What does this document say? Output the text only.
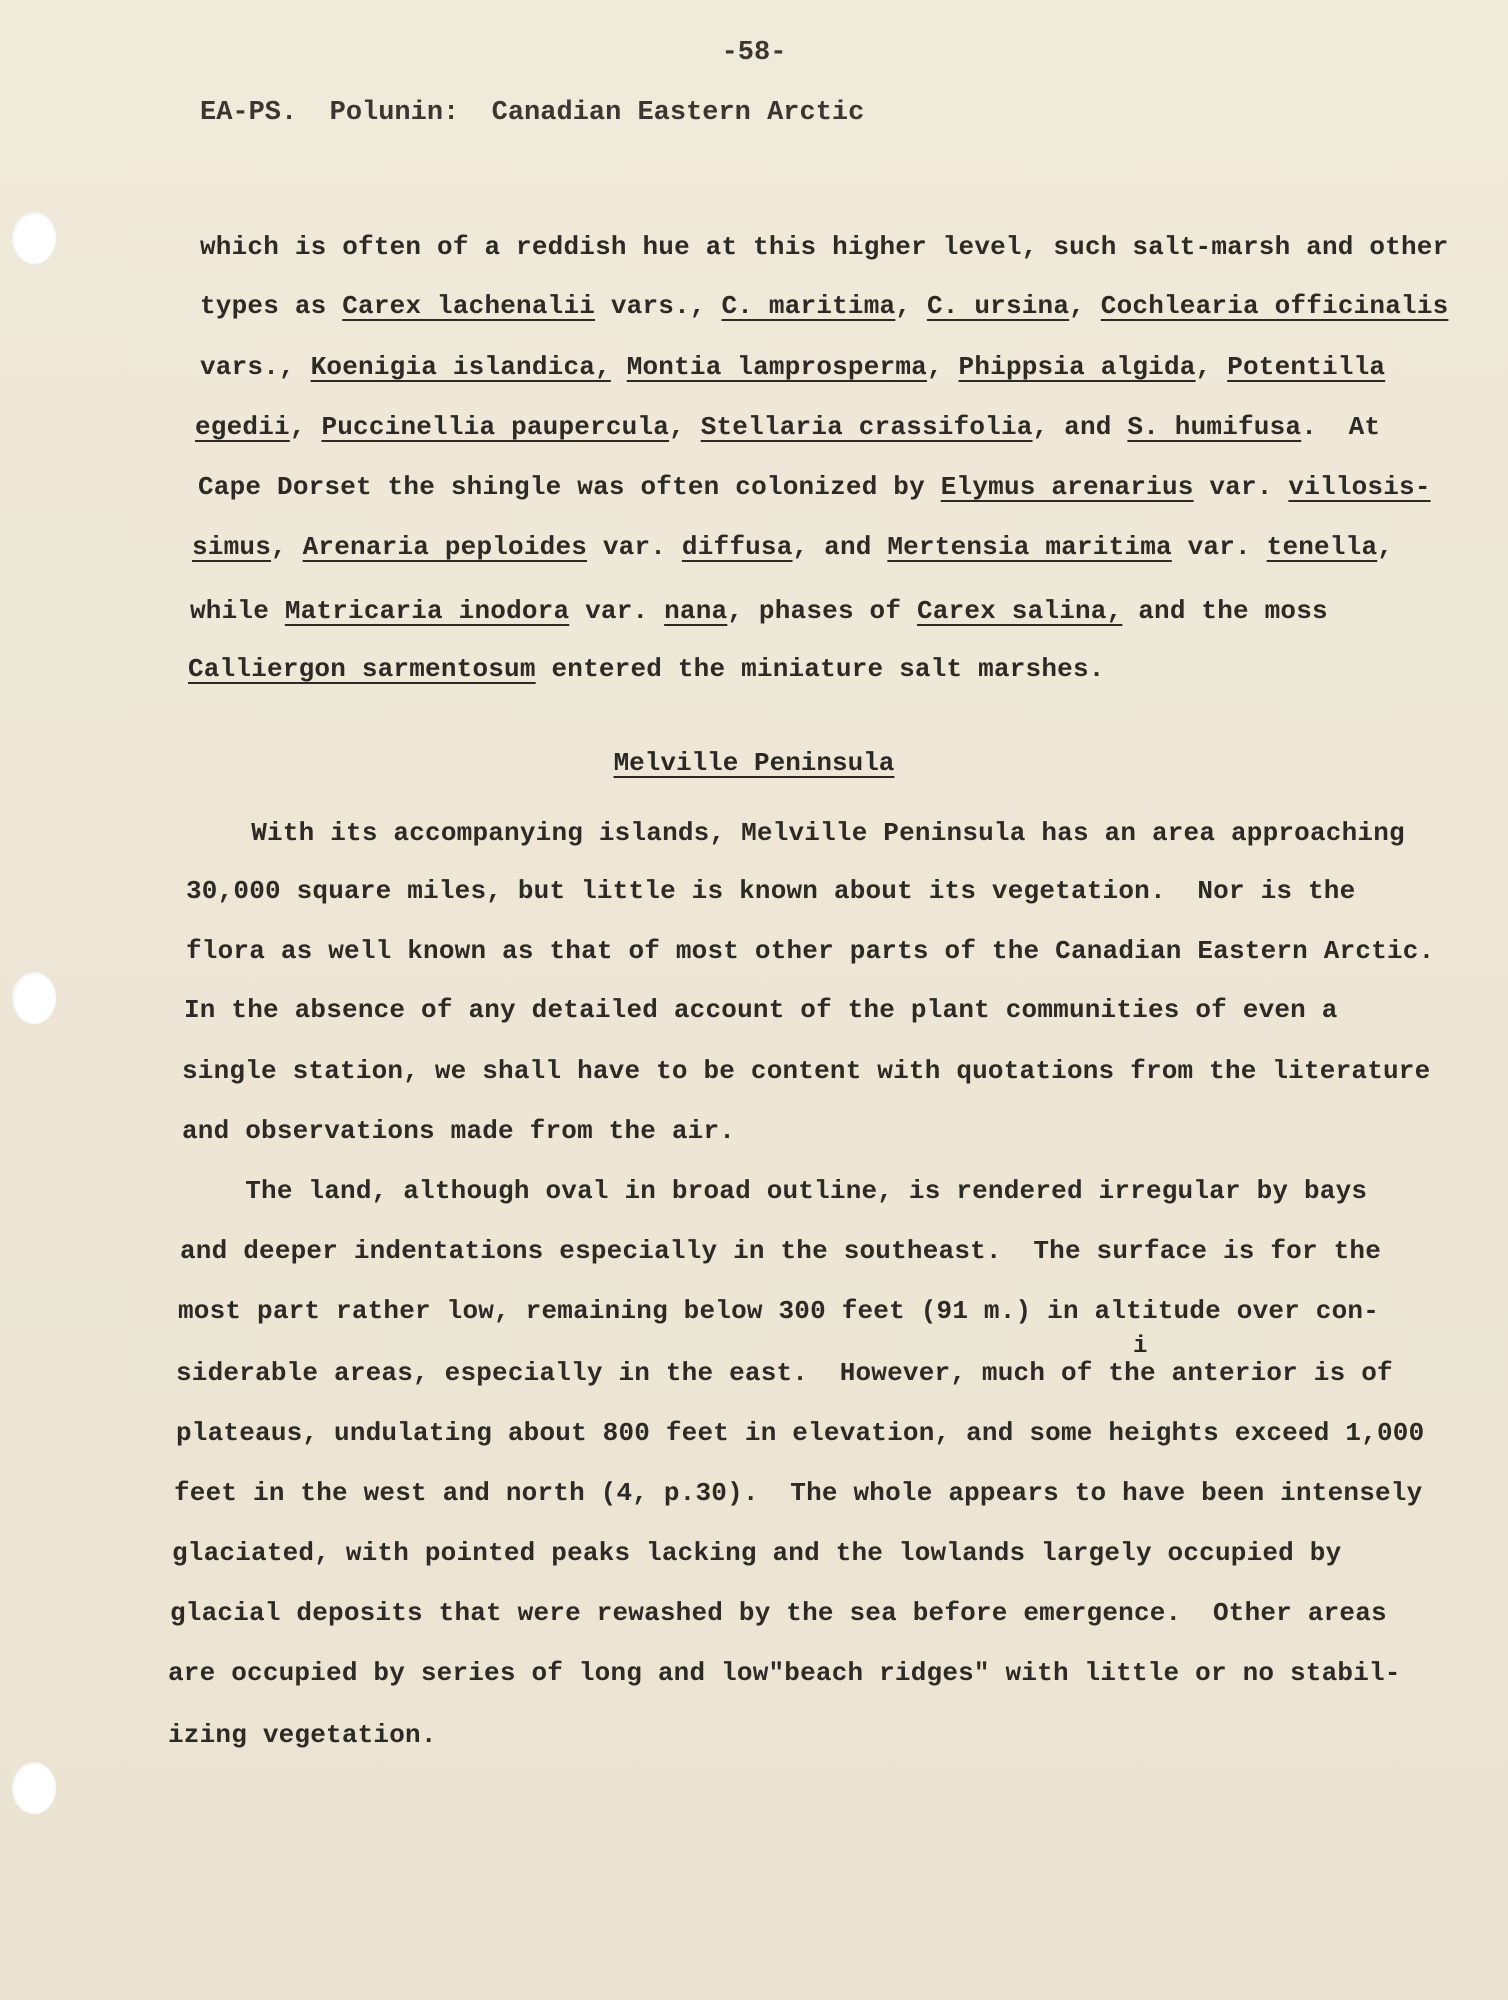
-58-
EA-PS.  Polunin:  Canadian Eastern Arctic
which is often of a reddish hue at this higher level, such salt-marsh and other
types as Carex lachenalii vars., C. maritima, C. ursina, Cochlearia officinalis
vars., Koenigia islandica, Montia lamprosperma, Phippsia algida, Potentilla
egedii, Puccinellia paupercula, Stellaria crassifolia, and S. humifusa.  At
Cape Dorset the shingle was often colonized by Elymus arenarius var. villosis-
simus, Arenaria peploides var. diffusa, and Mertensia maritima var. tenella,
while Matricaria inodora var. nana, phases of Carex salina, and the moss
Calliergon sarmentosum entered the miniature salt marshes.
Melville Peninsula
With its accompanying islands, Melville Peninsula has an area approaching
30,000 square miles, but little is known about its vegetation.  Nor is the
flora as well known as that of most other parts of the Canadian Eastern Arctic.
In the absence of any detailed account of the plant communities of even a
single station, we shall have to be content with quotations from the literature
and observations made from the air.
The land, although oval in broad outline, is rendered irregular by bays
and deeper indentations especially in the southeast.  The surface is for the
most part rather low, remaining below 300 feet (91 m.) in altitude over con-
i
siderable areas, especially in the east.  However, much of the anterior is of
plateaus, undulating about 800 feet in elevation, and some heights exceed 1,000
feet in the west and north (4, p.30).  The whole appears to have been intensely
glaciated, with pointed peaks lacking and the lowlands largely occupied by
glacial deposits that were rewashed by the sea before emergence.  Other areas
are occupied by series of long and low"beach ridges" with little or no stabil-
izing vegetation.
